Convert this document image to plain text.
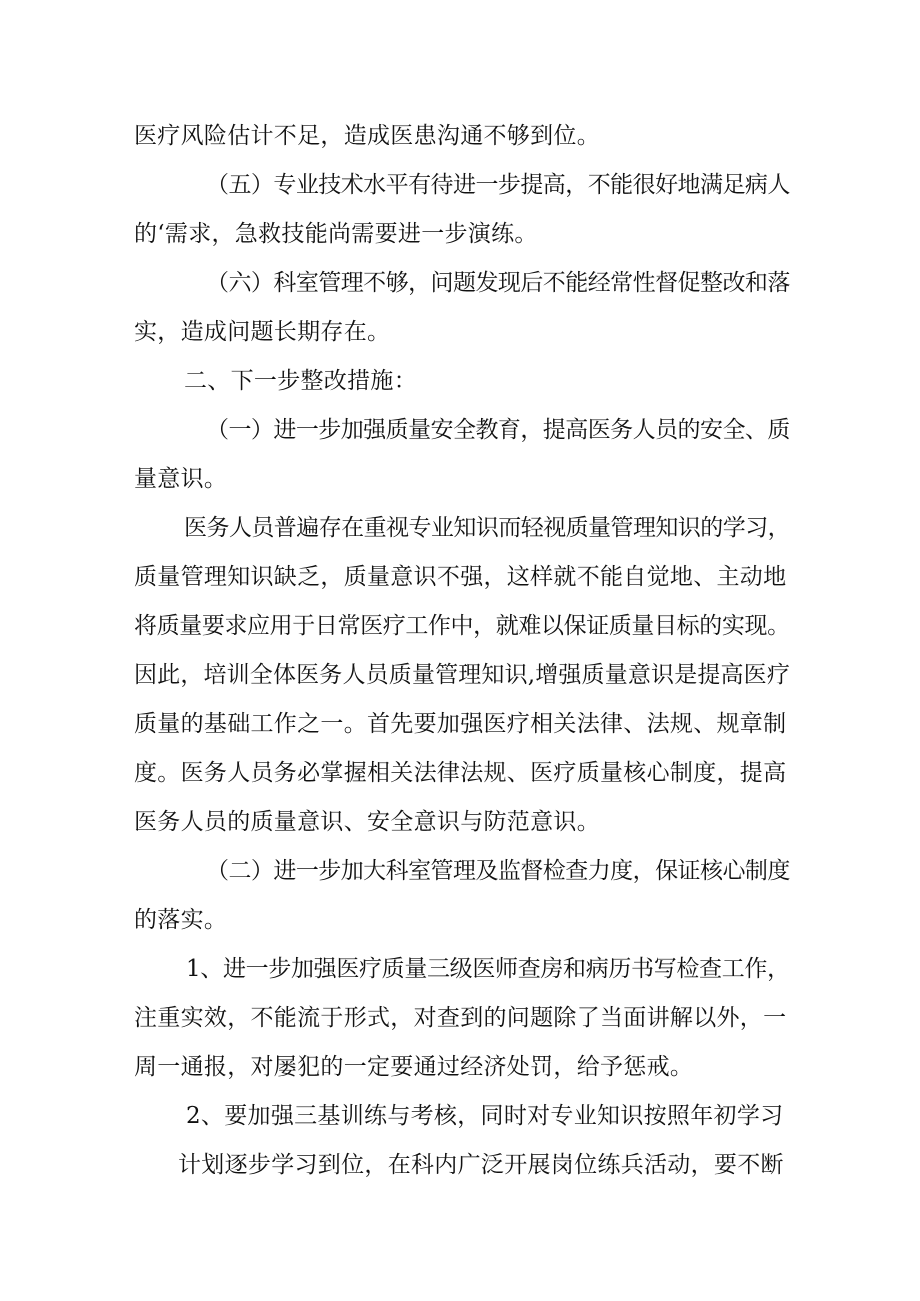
医疗风险估计不足，造成医患沟通不够到位。
（五）专业技术水平有待进一步提高，不能很好地满足病人
的‘需求，急救技能尚需要进一步演练。
（六）科室管理不够，问题发现后不能经常性督促整改和落
实，造成问题长期存在。
二、下一步整改措施：
（一）进一步加强质量安全教育，提高医务人员的安全、质
量意识。
医务人员普遍存在重视专业知识而轻视质量管理知识的学习，
质量管理知识缺乏，质量意识不强，这样就不能自觉地、主动地
将质量要求应用于日常医疗工作中，就难以保证质量目标的实现。
因此，培训全体医务人员质量管理知识,增强质量意识是提高医疗
质量的基础工作之一。首先要加强医疗相关法律、法规、规章制
度。医务人员务必掌握相关法律法规、医疗质量核心制度，提高
医务人员的质量意识、安全意识与防范意识。
（二）进一步加大科室管理及监督检查力度，保证核心制度
的落实。
1、进一步加强医疗质量三级医师查房和病历书写检查工作，
注重实效，不能流于形式，对查到的问题除了当面讲解以外，一
周一通报，对屡犯的一定要通过经济处罚，给予惩戒。
2、要加强三基训练与考核，同时对专业知识按照年初学习
计划逐步学习到位，在科内广泛开展岗位练兵活动，要不断
